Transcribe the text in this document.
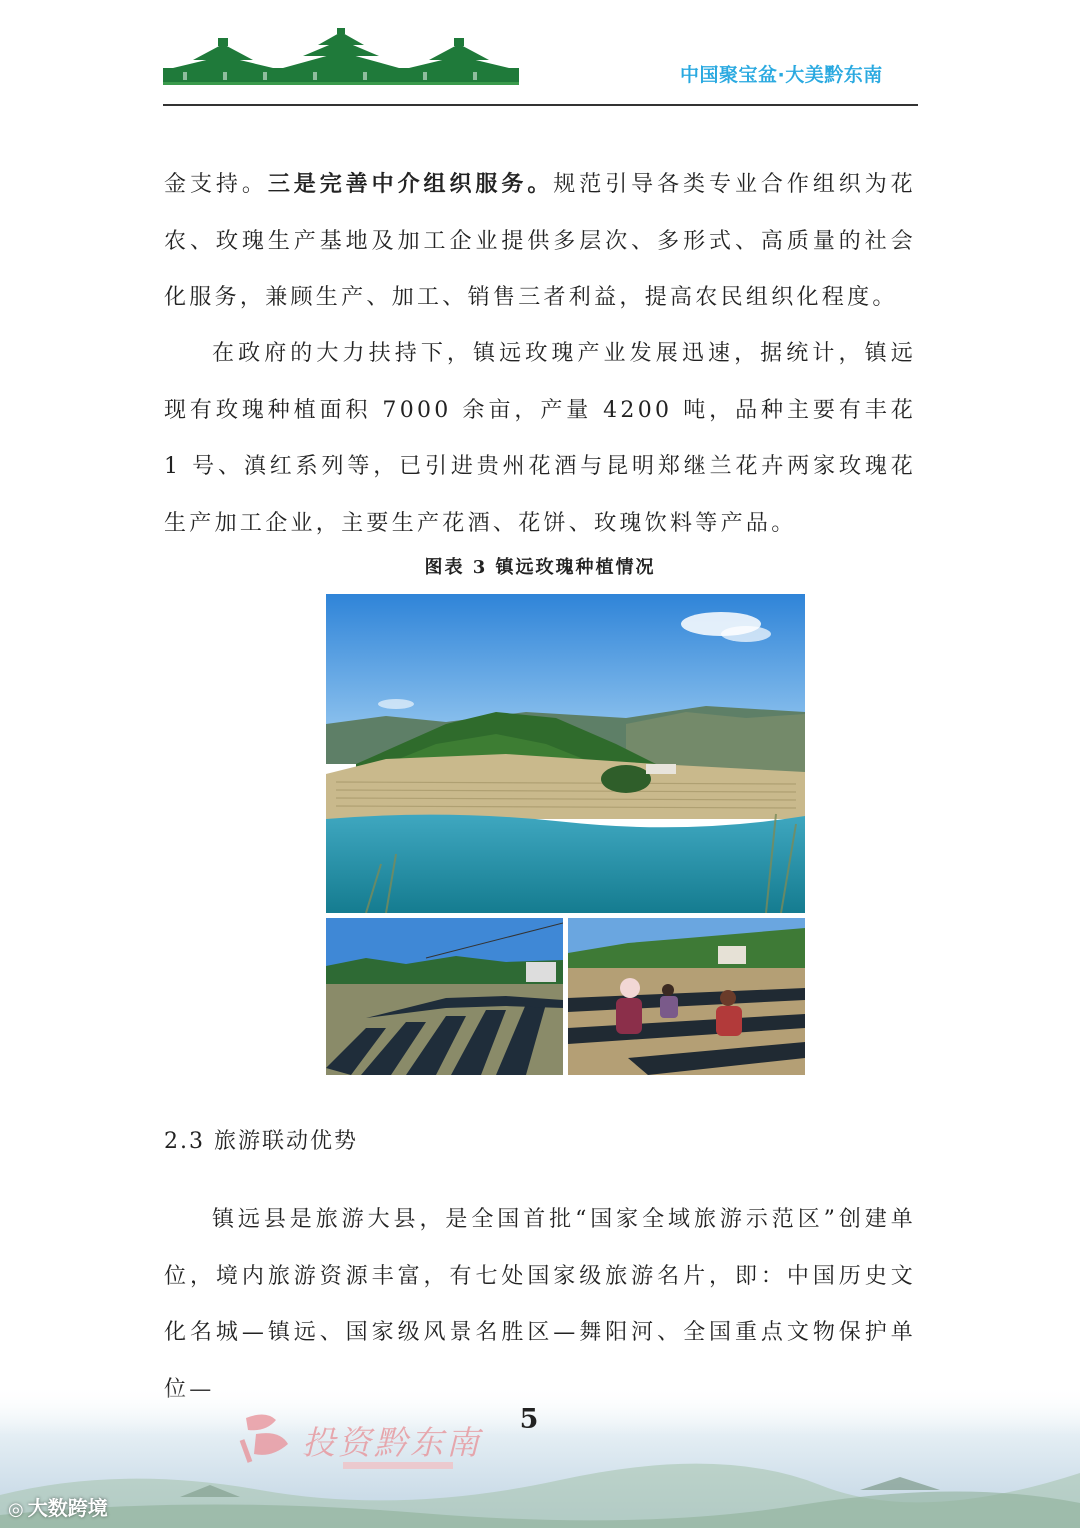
中国聚宝盆·大美黔东南

金支持。三是完善中介组织服务。规范引导各类专业合作组织为花农、玫瑰生产基地及加工企业提供多层次、多形式、高质量的社会化服务，兼顾生产、加工、销售三者利益，提高农民组织化程度。

在政府的大力扶持下，镇远玫瑰产业发展迅速，据统计，镇远现有玫瑰种植面积 7000 余亩，产量 4200 吨，品种主要有丰花 1 号、滇红系列等，已引进贵州花酒与昆明郑继兰花卉两家玫瑰花生产加工企业，主要生产花酒、花饼、玫瑰饮料等产品。

图表 3 镇远玫瑰种植情况
2.3 旅游联动优势

镇远县是旅游大县，是全国首批“国家全域旅游示范区”创建单位，境内旅游资源丰富，有七处国家级旅游名片，即：中国历史文化名城—镇远、国家级风景名胜区—舞阳河、全国重点文物保护单

投资黔东南
5
◎ 大数跨境
